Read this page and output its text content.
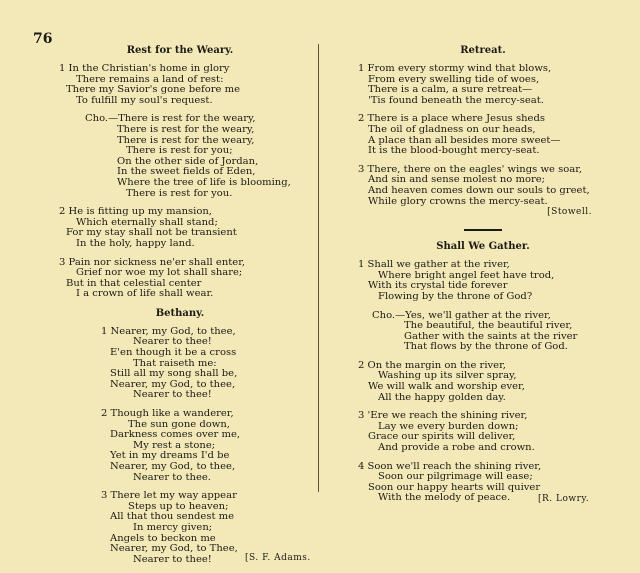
76
Rest for the Weary.
1 In the Christian's home in glory
There remains a land of rest:
There my Savior's gone before me
To fulfill my soul's request.
Cho.—There is rest for the weary,
There is rest for the weary,
There is rest for the weary,
There is rest for you;
On the other side of Jordan,
In the sweet fields of Eden,
Where the tree of life is blooming,
There is rest for you.
2 He is fitting up my mansion,
Which eternally shall stand;
For my stay shall not be transient
In the holy, happy land.
3 Pain nor sickness ne'er shall enter,
Grief nor woe my lot shall share;
But in that celestial center
I a crown of life shall wear.
Bethany.
1 Nearer, my God, to thee,
Nearer to thee!
E'en though it be a cross
That raiseth me:
Still all my song shall be,
Nearer, my God, to thee,
Nearer to thee!
2 Though like a wanderer,
The sun gone down,
Darkness comes over me,
My rest a stone;
Yet in my dreams I'd be
Nearer, my God, to thee,
Nearer to thee.
3 There let my way appear
Steps up to heaven;
All that thou sendest me
In mercy given;
Angels to beckon me
Nearer, my God, to Thee,
Nearer to thee!	[S. F. Adams.
Retreat.
1 From every stormy wind that blows,
From every swelling tide of woes,
There is a calm, a sure retreat—
'Tis found beneath the mercy-seat.
2 There is a place where Jesus sheds
The oil of gladness on our heads,
A place than all besides more sweet—
It is the blood-bought mercy-seat.
3 There, there on the eagles' wings we soar,
And sin and sense molest no more;
And heaven comes down our souls to greet,
While glory crowns the mercy-seat.
[Stowell.
Shall We Gather.
1 Shall we gather at the river,
Where bright angel feet have trod,
With its crystal tide forever
Flowing by the throne of God?
Cho.—Yes, we'll gather at the river,
The beautiful, the beautiful river,
Gather with the saints at the river
That flows by the throne of God.
2 On the margin on the river,
Washing up its silver spray,
We will walk and worship ever,
All the happy golden day.
3 'Ere we reach the shining river,
Lay we every burden down;
Grace our spirits will deliver,
And provide a robe and crown.
4 Soon we'll reach the shining river,
Soon our pilgrimage will ease;
Soon our happy hearts will quiver
With the melody of peace.	[R. Lowry.
